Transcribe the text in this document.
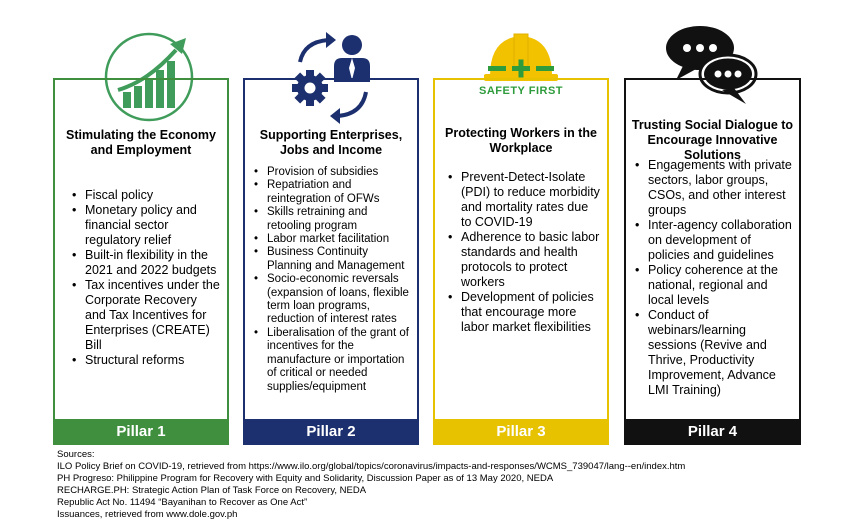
SAFETY FIRST
Stimulating the Economy and Employment
• Fiscal policy
• Monetary policy and financial sector regulatory relief
• Built-in flexibility in the 2021 and 2022 budgets
• Tax incentives under the Corporate Recovery and Tax Incentives for Enterprises (CREATE) Bill
• Structural reforms
Pillar 1
Supporting Enterprises, Jobs and Income
• Provision of subsidies
• Repatriation and reintegration of OFWs
• Skills retraining and retooling program
• Labor market facilitation
• Business Continuity Planning and Management
• Socio-economic reversals (expansion of loans, flexible term loan programs, reduction of interest rates
• Liberalisation of the grant of incentives for the manufacture or importation of critical or needed supplies/equipment
Pillar 2
Protecting Workers in the Workplace
• Prevent-Detect-Isolate (PDI) to reduce morbidity and mortality rates due to COVID-19
• Adherence to basic labor standards and health protocols to protect workers
• Development of policies that encourage more labor market flexibilities
Pillar 3
Trusting Social Dialogue to Encourage Innovative Solutions
• Engagements with private sectors, labor groups, CSOs, and other interest groups
• Inter-agency collaboration on development of policies and guidelines
• Policy coherence at the national, regional and local levels
• Conduct of webinars/learning sessions (Revive and Thrive, Productivity Improvement, Advance LMI Training)
Pillar 4
Sources:
ILO Policy Brief on COVID-19, retrieved from https://www.ilo.org/global/topics/coronavirus/impacts-and-responses/WCMS_739047/lang--en/index.htm
PH Progreso: Philippine Program for Recovery with Equity and Solidarity, Discussion Paper as of 13 May 2020, NEDA
RECHARGE.PH: Strategic Action Plan of Task Force on Recovery, NEDA
Republic Act No. 11494 “Bayanihan to Recover as One Act”
Issuances, retrieved from www.dole.gov.ph
